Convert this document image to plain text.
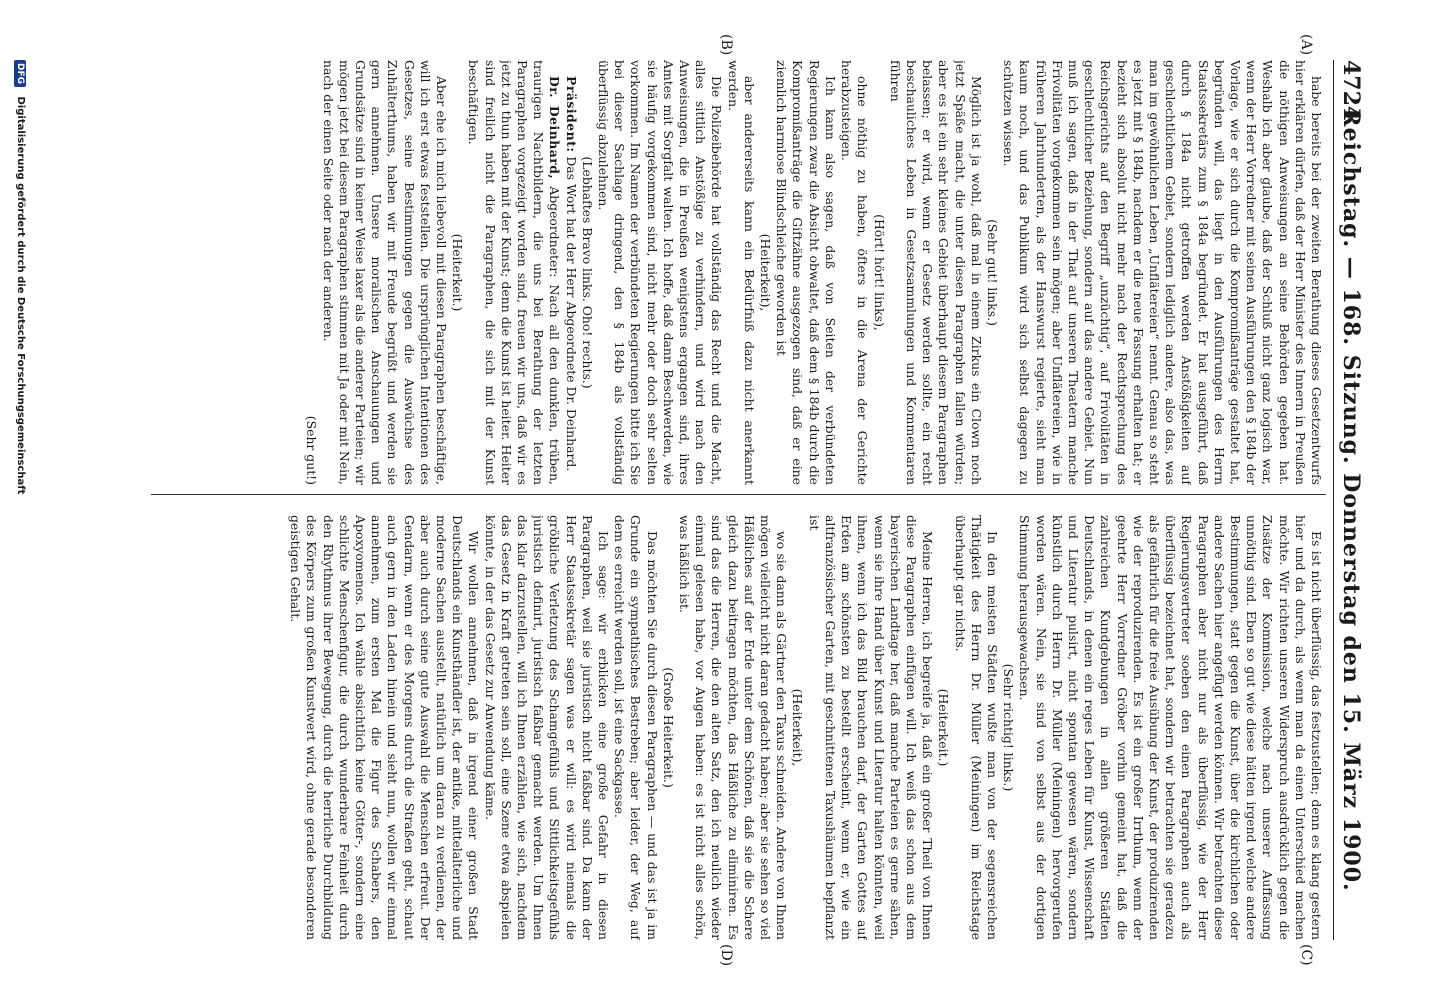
4724
Reichstag. — 168. Sitzung. Donnerstag den 15. März 1900.
(A)
(B)
(C)
(D)

habe bereits bei der zweiten Berathung dieses Gesetzentwurfs hier erklären dürfen, daß der Herr Minister des Innern in Preußen die nöthigen Anweisungen an seine Behörden gegeben hat. Weshalb ich aber glaube, daß der Schluß nicht ganz logisch war, wenn der Herr Vorredner mit seinen Ausführungen den § 184b der Vorlage, wie er sich durch die Kompromißanträge gestaltet hat, begründen will, das liegt in den Ausführungen des Herrn Staatssekretärs zum § 184a begründet. Er hat ausgeführt, daß durch § 184a nicht getroffen werden Anstößigkeiten auf geschlechtlichem Gebiet, sondern lediglich andere, also das, was man im gewöhnlichen Leben „Unflätereien“ nennt. Genau so steht es jetzt mit § 184b, nachdem er die neue Fassung erhalten hat; er bezieht sich absolut nicht mehr nach der Rechtsprechung des Reichsgerichts auf den Begriff „unzüchtig“, auf Frivolitäten in geschlechtlicher Beziehung, sondern auf das andere Gebiet. Nun muß ich sagen, daß in der That auf unseren Theatern manche Frivolitäten vorgekommen sein mögen; aber Unflätereien, wie in früheren Jahrhunderten, als der Hanswurst regierte, sieht man kaum noch, und das Publikum wird sich selbst dagegen zu schützen wissen.

(Sehr gut! links.)

Möglich ist ja wohl, daß mal in einem Zirkus ein Clown noch jetzt Späße macht, die unter diesen Paragraphen fallen würden; aber es ist ein sehr kleines Gebiet überhaupt diesem Paragraphen belassen; er wird, wenn er Gesetz werden sollte, ein recht beschauliches Leben in Gesetzsammlungen und Kommentaren führen

(Hört! hört! links),

ohne nöthig zu haben, öfters in die Arena der Gerichte herabzusteigen.

Ich kann also sagen, daß von Seiten der verbündeten Regierungen zwar die Absicht obwaltet, daß dem § 184b durch die Kompromißanträge die Giftzähne ausgezogen sind, daß er eine ziemlich harmlose Blindschleiche geworden ist

(Heiterkeit),

aber andererseits kann ein Bedürfniß dazu nicht anerkannt werden.

Die Polizeibehörde hat vollständig das Recht und die Macht, alles sittlich Anstößige zu verhindern, und wird nach den Anweisungen, die in Preußen wenigstens ergangen sind, ihres Amtes mit Sorgfalt walten. Ich hoffe, daß dann Beschwerden, wie sie häufig vorgekommen sind, nicht mehr oder doch sehr selten vorkommen. Im Namen der verbündeten Regierungen bitte ich Sie bei dieser Sachlage dringend, den § 184b als vollständig überflüssig abzulehnen.

(Lebhaftes Bravo links. Oho! rechts.)

Präsident: Das Wort hat der Herr Abgeordnete Dr. Deinhard.

Dr. Deinhard, Abgeordneter: Nach all den dunklen, trüben, traurigen Nachtbildern, die uns bei Berathung der letzten Paragraphen vorgezeigt worden sind, freuen wir uns, daß wir es jetzt zu thun haben mit der Kunst; denn die Kunst ist heiter. Heiter sind freilich nicht die Paragraphen, die sich mit der Kunst beschäftigen.

(Heiterkeit.)

Aber ehe ich mich liebevoll mit diesen Paragraphen beschäftige, will ich erst etwas feststellen. Die ursprünglichen Intentionen des Gesetzes, seine Bestimmungen gegen die Auswüchse des Zuhälterthums, haben wir mit Freude begrüßt und werden sie gern annehmen. Unsere moralischen Anschauungen und Grundsätze sind in keiner Weise laxer als die anderer Parteien; wir mögen jetzt bei diesem Paragraphen stimmen mit Ja oder mit Nein, nach der einen Seite oder nach der anderen.

(Sehr gut!)

Es ist nicht überflüssig, das festzustellen; denn es klang gestern hier und da durch, als wenn man da einen Unterschied machen möchte. Wir richten unseren Widerspruch ausdrücklich gegen die Zusätze der Kommission, welche nach unserer Auffassung unnöthig sind. Eben so gut wie diese hätten irgend welche andere Bestimmungen, statt gegen die Kunst, über die kirchlichen oder andere Sachen hier angefügt werden können. Wir betrachten diese Paragraphen aber nicht nur als überflüssig, wie der Herr Regierungsvertreter soeben den einen Paragraphen auch als überflüssig bezeichnet hat, sondern wir betrachten sie geradezu als gefährlich für die freie Ausübung der Kunst, der produzirenden wie der reproduzirenden. Es ist ein großer Irrthum, wenn der geehrte Herr Vorredner Gröber vorhin gemeint hat, daß die zahlreichen Kundgebungen in allen größeren Städten Deutschlands, in denen ein reges Leben für Kunst, Wissenschaft und Literatur pulsirt, nicht spontan gewesen wären, sondern künstlich durch Herrn Dr. Müller (Meiningen) hervorgerufen worden wären. Nein, sie sind von selbst aus der dortigen Stimmung herausgewachsen.

(Sehr richtig! links.)

In den meisten Städten wußte man von der segensreichen Thätigkeit des Herrn Dr. Müller (Meiningen) im Reichstage überhaupt gar nichts.

(Heiterkeit.)

Meine Herren, ich begreife ja, daß ein großer Theil von Ihnen diese Paragraphen einfügen will. Ich weiß das schon aus dem bayerischen Landtage her, daß manche Parteien es gerne sähen, wenn sie ihre Hand über Kunst und Literatur halten könnten, weil ihnen, wenn ich das Bild brauchen darf, der Garten Gottes auf Erden am schönsten zu bestellt erscheint, wenn er, wie ein altfranzösischer Garten, mit geschnittenen Taxushäumen bepflanzt ist

(Heiterkeit),

wo sie dann als Gärtner den Taxus schneiden. Andere von Ihnen mögen vielleicht nicht daran gedacht haben; aber sie sehen so viel Häßliches auf der Erde unter dem Schönen, daß sie die Schere gleich dazu beitragen möchten, das Häßliche zu eliminiren. Es sind das die Herren, die den alten Satz, den ich neulich wieder einmal gelesen habe, vor Augen haben: es ist nicht alles schön, was häßlich ist.

(Große Heiterkeit.)

Das möchten Sie durch diesen Paragraphen — und das ist ja im Grunde ein sympathisches Bestreben; aber leider, der Weg, auf dem es erreicht werden soll, ist eine Sackgasse.

Ich sage: wir erblicken eine große Gefahr in diesen Paragraphen, weil sie juristisch nicht faßbar sind. Da kann der Herr Staatssekretär sagen was er will: es wird niemals die gröbliche Verletzung des Schamgefühls und Sittlichkeitsgefühls juristisch definirt, juristisch faßbar gemacht werden. Um Ihnen das klar darzustellen, will ich Ihnen erzählen, wie sich, nachdem das Gesetz in Kraft getreten sein soll, eine Szene etwa abspielen könnte, in der das Gesetz zur Anwendung käme.

Wir wollen annehmen, daß in irgend einer großen Stadt Deutschlands ein Kunsthändler ist, der antike, mittelalterliche und moderne Sachen ausstellt, natürlich um daran zu verdienen, der aber auch durch seine gute Auswahl die Menschen erfreut. Der Gendarm, wenn er des Morgens durch die Straßen geht, schaut auch gern in den Laden hinein und sieht nun, wollen wir einmal annehmen, zum ersten Mal die Figur des Schabers, den Apoxyomenos. Ich wähle absichtlich keine Götter-, sondern eine schlichte Menschenfigur, die durch wunderbare Feinheit durch den Rhythmus ihrer Bewegung, durch die herrliche Durchbildung des Körpers zum großen Kunstwert wird, ohne gerade besonderen geistigen Gehalt.

DFG Digitalisierung gefördert durch die Deutsche Forschungsgemeinschaft
